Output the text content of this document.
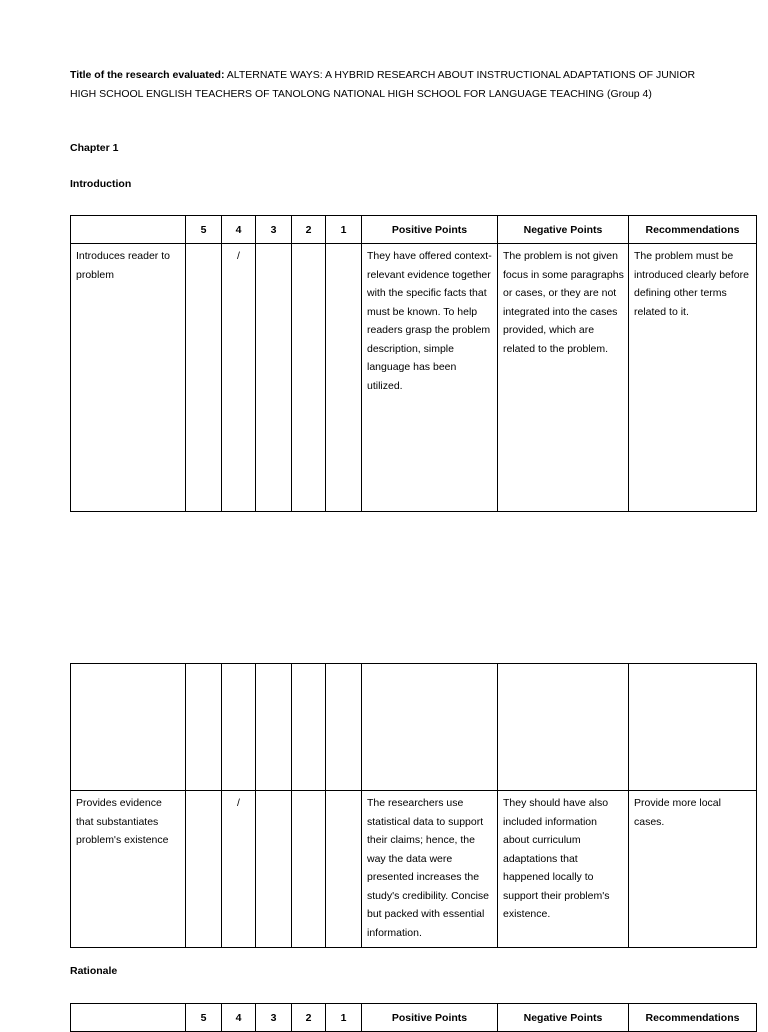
Title of the research evaluated: ALTERNATE WAYS: A HYBRID RESEARCH ABOUT INSTRUCTIONAL ADAPTATIONS OF JUNIOR HIGH SCHOOL ENGLISH TEACHERS OF TANOLONG NATIONAL HIGH SCHOOL FOR LANGUAGE TEACHING (Group 4)
Chapter 1
Introduction
	5	4	3	2	1	Positive Points	Negative Points	Recommendations

Introduces reader to problem		/				They have offered context-relevant evidence together with the specific facts that must be known. To help readers grasp the problem description, simple language has been utilized.	The problem is not given focus in some paragraphs or cases, or they are not integrated into the cases provided, which are related to the problem.	The problem must be introduced clearly before defining other terms related to it.

Provides evidence that substantiates problem's existence		/				The researchers use statistical data to support their claims; hence, the way the data were presented increases the study's credibility. Concise but packed with essential information.	They should have also included information about curriculum adaptations that happened locally to support their problem's existence.	Provide more local cases.
Rationale
	5	4	3	2	1	Positive Points	Negative Points	Recommendations
